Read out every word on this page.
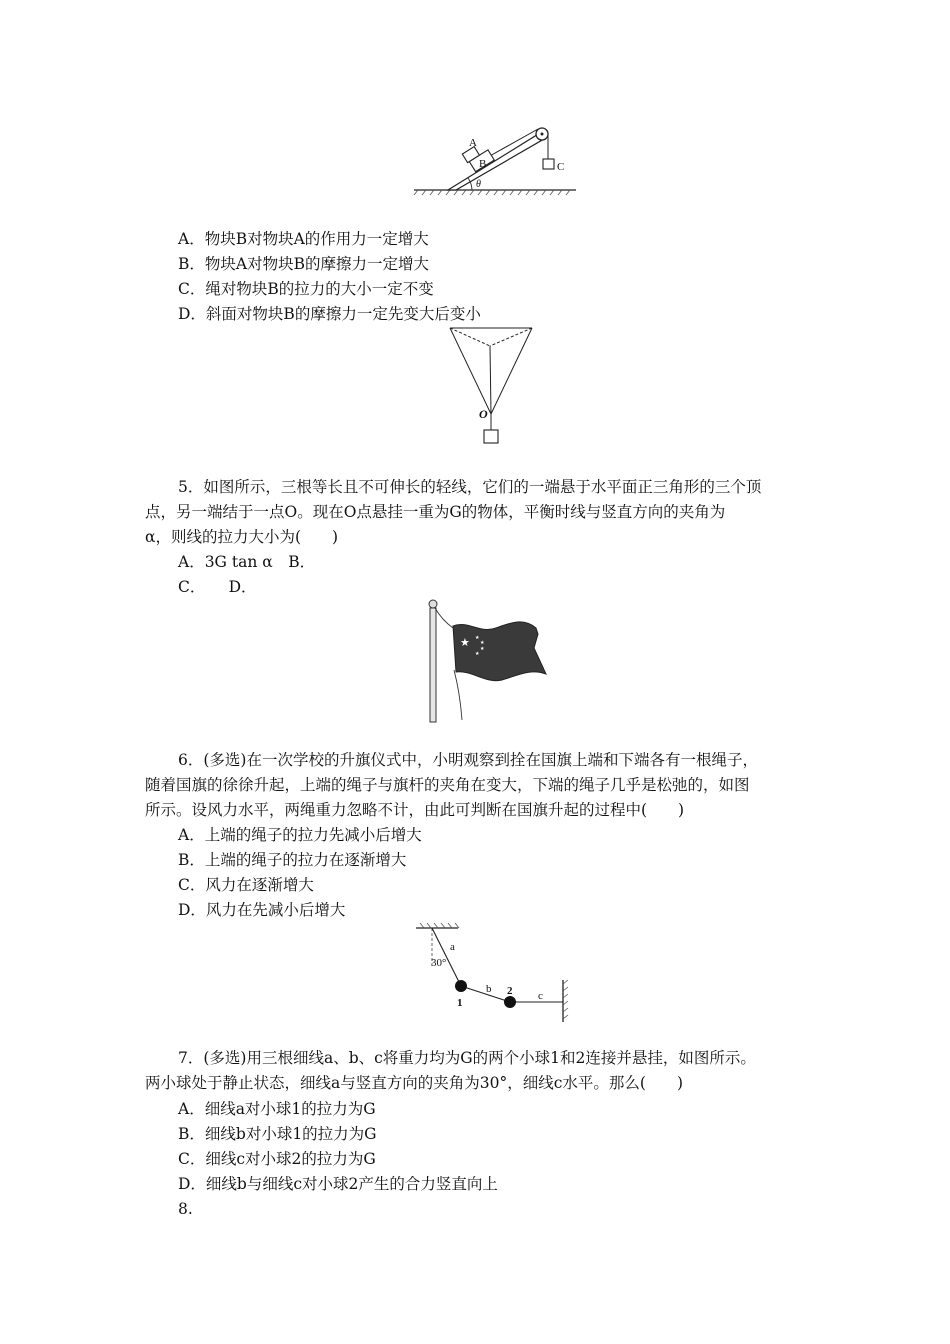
A
B	C
θ
A．物块B对物块A的作用力一定增大
B．物块A对物块B的摩擦力一定增大
C．绳对物块B的拉力的大小一定不变
D．斜面对物块B的摩擦力一定先变大后变小
O
5．如图所示，三根等长且不可伸长的轻线，它们的一端悬于水平面正三角形的三个顶
点，另一端结于一点O。现在O点悬挂一重为G的物体，平衡时线与竖直方向的夹角为
α，则线的拉力大小为(　　)
A．3G tan α　B．
C．　　D．
★ ★
★
★
★
6．(多选)在一次学校的升旗仪式中，小明观察到拴在国旗上端和下端各有一根绳子，
随着国旗的徐徐升起，上端的绳子与旗杆的夹角在变大，下端的绳子几乎是松弛的，如图
所示。设风力水平，两绳重力忽略不计，由此可判断在国旗升起的过程中(　　)
A．上端的绳子的拉力先减小后增大
B．上端的绳子的拉力在逐渐增大
C．风力在逐渐增大
D．风力在先减小后增大
a
30°
b
c
1
2
7．(多选)用三根细线a、b、c将重力均为G的两个小球1和2连接并悬挂，如图所示。
两小球处于静止状态，细线a与竖直方向的夹角为30°，细线c水平。那么(　　)
A．细线a对小球1的拉力为G
B．细线b对小球1的拉力为G
C．细线c对小球2的拉力为G
D．细线b与细线c对小球2产生的合力竖直向上
8.
